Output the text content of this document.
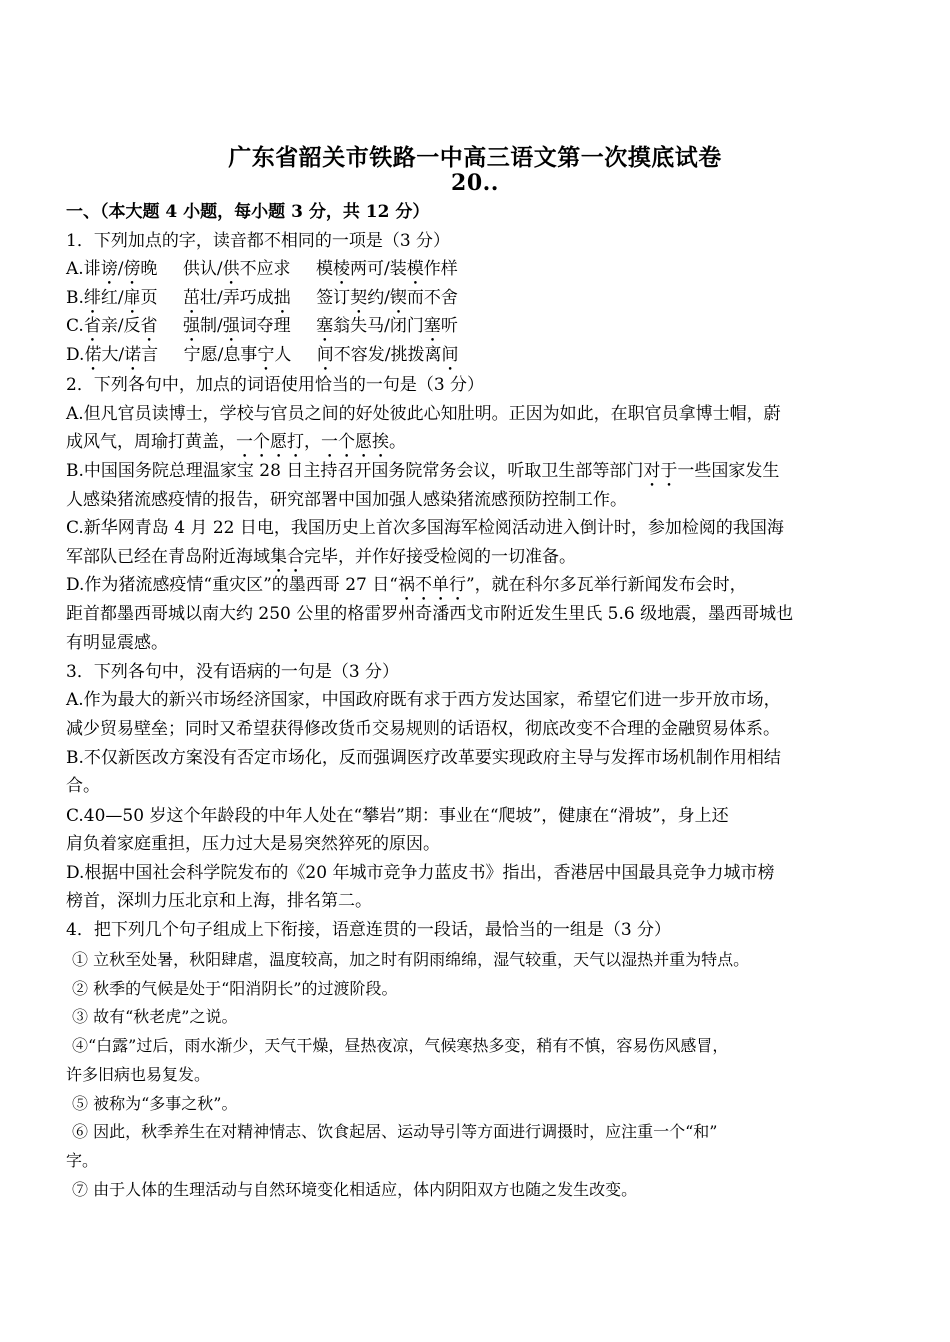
广东省韶关市铁路一中高三语文第一次摸底试卷
20..
一、（本大题 4 小题，每小题 3 分，共 12 分）
1．下列加点的字，读音都不相同的一项是（3 分）
A.诽谤/傍晚 供认/供不应求 模棱两可/装模作样
B.绯红/扉页 茁壮/弄巧成拙 签订契约/锲而不舍
C.省亲/反省 强制/强词夺理 塞翁失马/闭门塞听
D.偌大/诺言 宁愿/息事宁人 间不容发/挑拨离间
2．下列各句中，加点的词语使用恰当的一句是（3 分）
A.但凡官员读博士，学校与官员之间的好处彼此心知肚明。正因为如此，在职官员拿博士帽，蔚
成风气，周瑜打黄盖，一个愿打，一个愿挨。
B.中国国务院总理温家宝 28 日主持召开国务院常务会议，听取卫生部等部门对于一些国家发生
人感染猪流感疫情的报告，研究部署中国加强人感染猪流感预防控制工作。
C.新华网青岛 4 月 22 日电，我国历史上首次多国海军检阅活动进入倒计时，参加检阅的我国海
军部队已经在青岛附近海域集合完毕，并作好接受检阅的一切准备。
D.作为猪流感疫情“重灾区”的墨西哥 27 日“祸不单行”，就在科尔多瓦举行新闻发布会时，
距首都墨西哥城以南大约 250 公里的格雷罗州奇潘西戈市附近发生里氏 5.6 级地震，墨西哥城也
有明显震感。
3．下列各句中，没有语病的一句是（3 分）
A.作为最大的新兴市场经济国家，中国政府既有求于西方发达国家，希望它们进一步开放市场，
减少贸易壁垒；同时又希望获得修改货币交易规则的话语权，彻底改变不合理的金融贸易体系。
B.不仅新医改方案没有否定市场化，反而强调医疗改革要实现政府主导与发挥市场机制作用相结
合。
C.40—50 岁这个年龄段的中年人处在“攀岩”期：事业在“爬坡”，健康在“滑坡”，身上还
肩负着家庭重担，压力过大是易突然猝死的原因。
D.根据中国社会科学院发布的《20 年城市竞争力蓝皮书》指出，香港居中国最具竞争力城市榜
榜首，深圳力压北京和上海，排名第二。
4．把下列几个句子组成上下衔接，语意连贯的一段话，最恰当的一组是（3 分）
① 立秋至处暑，秋阳肆虐，温度较高，加之时有阴雨绵绵，湿气较重，天气以湿热并重为特点。
② 秋季的气候是处于“阳消阴长”的过渡阶段。
③ 故有“秋老虎”之说。
④“白露”过后，雨水渐少，天气干燥，昼热夜凉，气候寒热多变，稍有不慎，容易伤风感冒，
许多旧病也易复发。
⑤ 被称为“多事之秋”。
⑥ 因此，秋季养生在对精神情志、饮食起居、运动导引等方面进行调摄时，应注重一个“和”
字。
⑦ 由于人体的生理活动与自然环境变化相适应，体内阴阳双方也随之发生改变。
